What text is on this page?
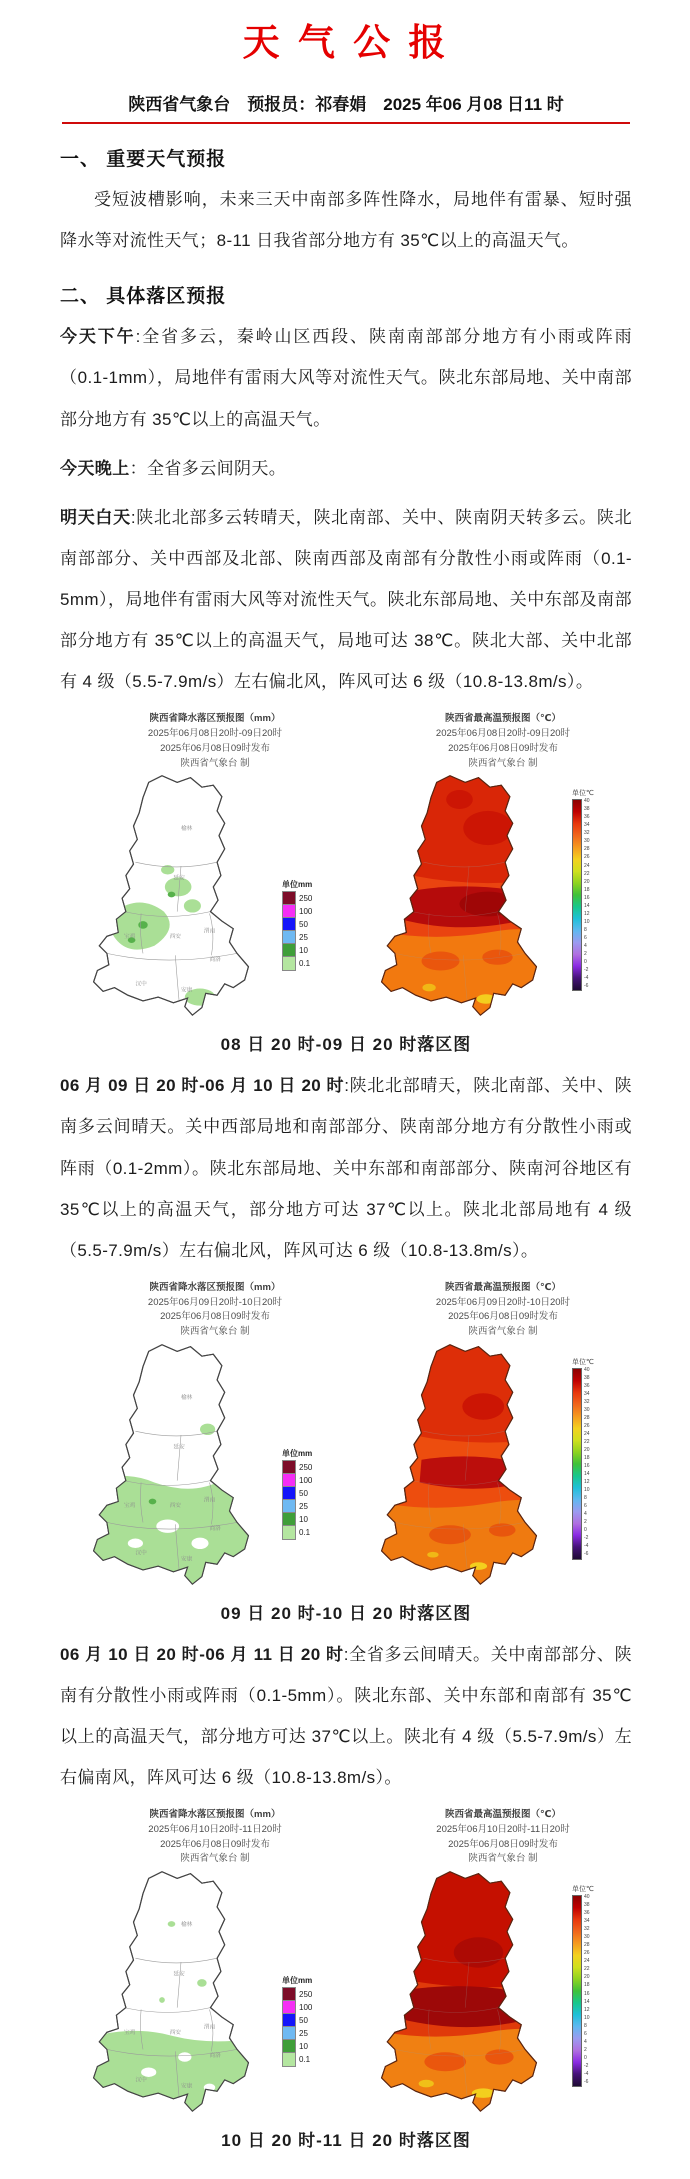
天 气 公 报
陕西省气象台　预报员：祁春娟　2025 年06 月08 日11 时
一、 重要天气预报

受短波槽影响，未来三天中南部多阵性降水，局地伴有雷暴、短时强降水等对流性天气；8-11 日我省部分地方有 35℃以上的高温天气。

二、 具体落区预报

今天下午:全省多云，秦岭山区西段、陕南南部部分地方有小雨或阵雨（0.1-1mm），局地伴有雷雨大风等对流性天气。陕北东部局地、关中南部部分地方有 35℃以上的高温天气。

今天晚上：全省多云间阴天。

明天白天:陕北北部多云转晴天，陕北南部、关中、陕南阴天转多云。陕北南部部分、关中西部及北部、陕南西部及南部有分散性小雨或阵雨（0.1-5mm），局地伴有雷雨大风等对流性天气。陕北东部局地、关中东部及南部部分地方有 35℃以上的高温天气，局地可达 38℃。陕北大部、关中北部有 4 级（5.5-7.9m/s）左右偏北风，阵风可达 6 级（10.8-13.8m/s）。

陕西省降水落区预报图（mm）
2025年06月08日20时-09日20时
2025年06月08日09时发布
陕西省气象台 制
榆林
延安
宝鸡	西安
渭南
商洛
汉中
安康
单位mm
250
100
50
25
10
0.1
陕西省最高温预报图（℃）
2025年06月08日20时-09日20时
2025年06月08日09时发布
陕西省气象台 制
单位℃
40
38
36
34
32
30
28
26
24
22
20
18
16
14
12
10
8
6
4
2
0
-2
-4
-6
08 日 20 时-09 日 20 时落区图

06 月 09 日 20 时-06 月 10 日 20 时:陕北北部晴天，陕北南部、关中、陕南多云间晴天。关中西部局地和南部部分、陕南部分地方有分散性小雨或阵雨（0.1-2mm）。陕北东部局地、关中东部和南部部分、陕南河谷地区有 35℃以上的高温天气，部分地方可达 37℃以上。陕北北部局地有 4 级（5.5-7.9m/s）左右偏北风，阵风可达 6 级（10.8-13.8m/s）。

陕西省降水落区预报图（mm）
2025年06月09日20时-10日20时
2025年06月08日09时发布
陕西省气象台 制
榆林
延安
宝鸡	西安
渭南
商洛
汉中
安康
单位mm
250
100
50
25
10
0.1
陕西省最高温预报图（℃）
2025年06月09日20时-10日20时
2025年06月08日09时发布
陕西省气象台 制
单位℃
40
38
36
34
32
30
28
26
24
22
20
18
16
14
12
10
8
6
4
2
0
-2
-4
-6
09 日 20 时-10 日 20 时落区图

06 月 10 日 20 时-06 月 11 日 20 时:全省多云间晴天。关中南部部分、陕南有分散性小雨或阵雨（0.1-5mm）。陕北东部、关中东部和南部有 35℃以上的高温天气，部分地方可达 37℃以上。陕北有 4 级（5.5-7.9m/s）左右偏南风，阵风可达 6 级（10.8-13.8m/s）。

陕西省降水落区预报图（mm）
2025年06月10日20时-11日20时
2025年06月08日09时发布
陕西省气象台 制
榆林
延安
宝鸡	西安
渭南
商洛
汉中
安康
单位mm
250
100
50
25
10
0.1
陕西省最高温预报图（℃）
2025年06月10日20时-11日20时
2025年06月08日09时发布
陕西省气象台 制
单位℃
40
38
36
34
32
30
28
26
24
22
20
18
16
14
12
10
8
6
4
2
0
-2
-4
-6
10 日 20 时-11 日 20 时落区图
